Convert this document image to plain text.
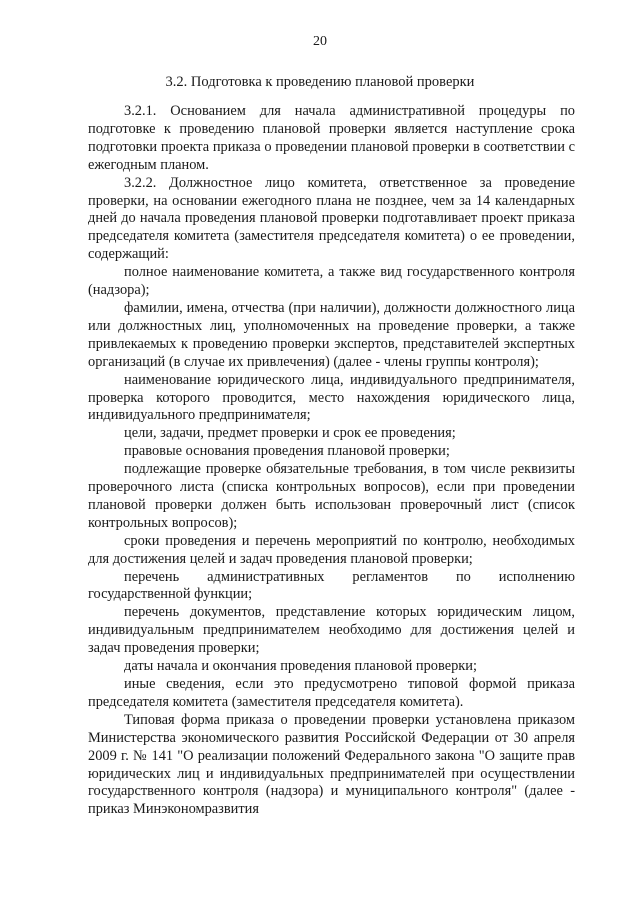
20
3.2. Подготовка к проведению плановой проверки

3.2.1. Основанием для начала административной процедуры по подготовке к проведению плановой проверки является наступление срока подготовки проекта приказа о проведении плановой проверки в соответствии с ежегодным планом.

3.2.2. Должностное лицо комитета, ответственное за проведение проверки, на основании ежегодного плана не позднее, чем за 14 календарных дней до начала проведения плановой проверки подготавливает проект приказа председателя комитета (заместителя председателя комитета) о ее проведении, содержащий:

полное наименование комитета, а также вид государственного контроля (надзора);

фамилии, имена, отчества (при наличии), должности должностного лица или должностных лиц, уполномоченных на проведение проверки, а также привлекаемых к проведению проверки экспертов, представителей экспертных организаций (в случае их привлечения) (далее - члены группы контроля);

наименование юридического лица, индивидуального предпринимателя, проверка которого проводится, место нахождения юридического лица, индивидуального предпринимателя;

цели, задачи, предмет проверки и срок ее проведения;

правовые основания проведения плановой проверки;

подлежащие проверке обязательные требования, в том числе реквизиты проверочного листа (списка контрольных вопросов), если при проведении плановой проверки должен быть использован проверочный лист (список контрольных вопросов);

сроки проведения и перечень мероприятий по контролю, необходимых для достижения целей и задач проведения плановой проверки;

перечень административных регламентов по исполнению государственной функции;

перечень документов, представление которых юридическим лицом, индивидуальным предпринимателем необходимо для достижения целей и задач проведения проверки;

даты начала и окончания проведения плановой проверки;

иные сведения, если это предусмотрено типовой формой приказа председателя комитета (заместителя председателя комитета).

Типовая форма приказа о проведении проверки установлена приказом Министерства экономического развития Российской Федерации от 30 апреля 2009 г. № 141 "О реализации положений Федерального закона "О защите прав юридических лиц и индивидуальных предпринимателей при осуществлении государственного контроля (надзора) и муниципального контроля" (далее - приказ Минэкономразвития
